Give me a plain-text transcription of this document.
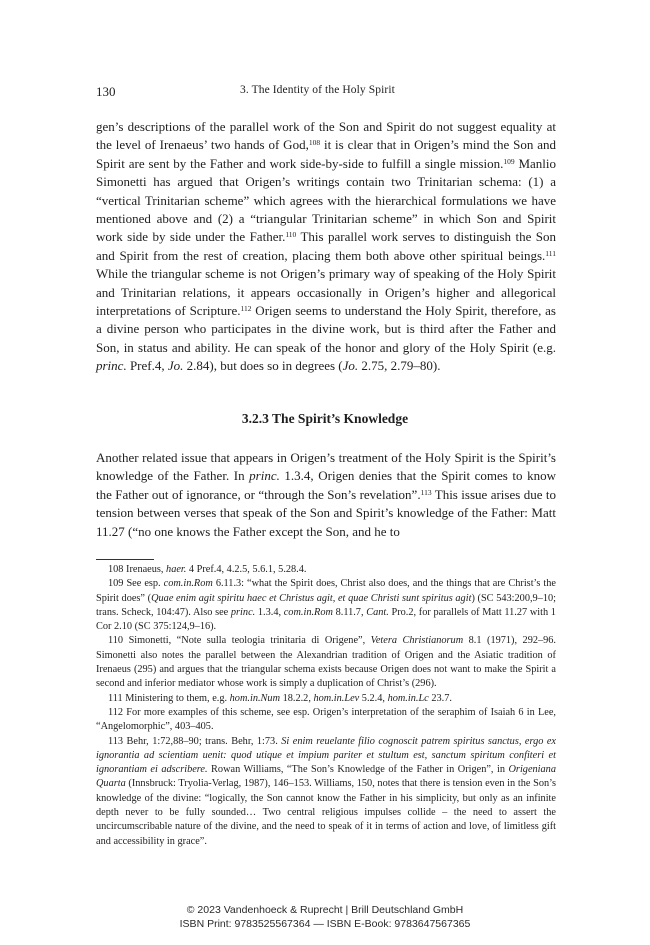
130	3. The Identity of the Holy Spirit

gen’s descriptions of the parallel work of the Son and Spirit do not suggest equality at the level of Irenaeus’ two hands of God,$^{108}$ it is clear that in Origen’s mind the Son and Spirit are sent by the Father and work side-by-side to fulfill a single mission.$^{109}$ Manlio Simonetti has argued that Origen’s writings contain two Trinitarian schema: (1) a “vertical Trinitarian scheme” which agrees with the hierarchical formulations we have mentioned above and (2) a “triangular Trinitarian scheme” in which Son and Spirit work side by side under the Father.$^{110}$ This parallel work serves to distinguish the Son and Spirit from the rest of creation, placing them both above other spiritual beings.$^{111}$ While the triangular scheme is not Origen’s primary way of speaking of the Holy Spirit and Trinitarian relations, it appears occasionally in Origen’s higher and allegorical interpretations of Scripture.$^{112}$ Origen seems to understand the Holy Spirit, therefore, as a divine person who participates in the divine work, but is third after the Father and Son, in status and ability. He can speak of the honor and glory of the Holy Spirit (e.g. princ. Pref.4, Jo. 2.84), but does so in degrees (Jo. 2.75, 2.79–80).

3.2.3 The Spirit’s Knowledge

Another related issue that appears in Origen’s treatment of the Holy Spirit is the Spirit’s knowledge of the Father. In princ. 1.3.4, Origen denies that the Spirit comes to know the Father out of ignorance, or “through the Son’s revelation”.$^{113}$ This issue arises due to tension between verses that speak of the Son and Spirit’s knowledge of the Father: Matt 11.27 (“no one knows the Father except the Son, and he to

108 Irenaeus, haer. 4 Pref.4, 4.2.5, 5.6.1, 5.28.4.

109 See esp. com.in.Rom 6.11.3: “what the Spirit does, Christ also does, and the things that are Christ’s the Spirit does” (Quae enim agit spiritu haec et Christus agit, et quae Christi sunt spiritus agit) (SC 543:200,9–10; trans. Scheck, 104:47). Also see princ. 1.3.4, com.in.Rom 8.11.7, Cant. Pro.2, for parallels of Matt 11.27 with 1 Cor 2.10 (SC 375:124,9–16).

110 Simonetti, “Note sulla teologia trinitaria di Origene”, Vetera Christianorum 8.1 (1971), 292–96. Simonetti also notes the parallel between the Alexandrian tradition of Origen and the Asiatic tradition of Irenaeus (295) and argues that the triangular schema exists because Origen does not want to make the Spirit a second and inferior mediator whose work is simply a duplication of Christ’s (296).

111 Ministering to them, e.g. hom.in.Num 18.2.2, hom.in.Lev 5.2.4, hom.in.Lc 23.7.

112 For more examples of this scheme, see esp. Origen’s interpretation of the seraphim of Isaiah 6 in Lee, “Angelomorphic”, 403–405.

113 Behr, 1:72,88–90; trans. Behr, 1:73. Si enim reuelante filio cognoscit patrem spiritus sanctus, ergo ex ignorantia ad scientiam uenit: quod utique et impium pariter et stultum est, sanctum spiritum confiteri et ignorantiam ei adscribere. Rowan Williams, “The Son’s Knowledge of the Father in Origen”, in Origeniana Quarta (Innsbruck: Tryolia-Verlag, 1987), 146–153. Williams, 150, notes that there is tension even in the Son’s knowledge of the divine: “logically, the Son cannot know the Father in his simplicity, but only as an infinite depth never to be fully sounded… Two central religious impulses collide – the need to assert the uncircumscribable nature of the divine, and the need to speak of it in terms of action and love, of limitless gift and accessibility in grace”.

© 2023 Vandenhoeck & Ruprecht | Brill Deutschland GmbH
ISBN Print: 9783525567364 — ISBN E-Book: 9783647567365
